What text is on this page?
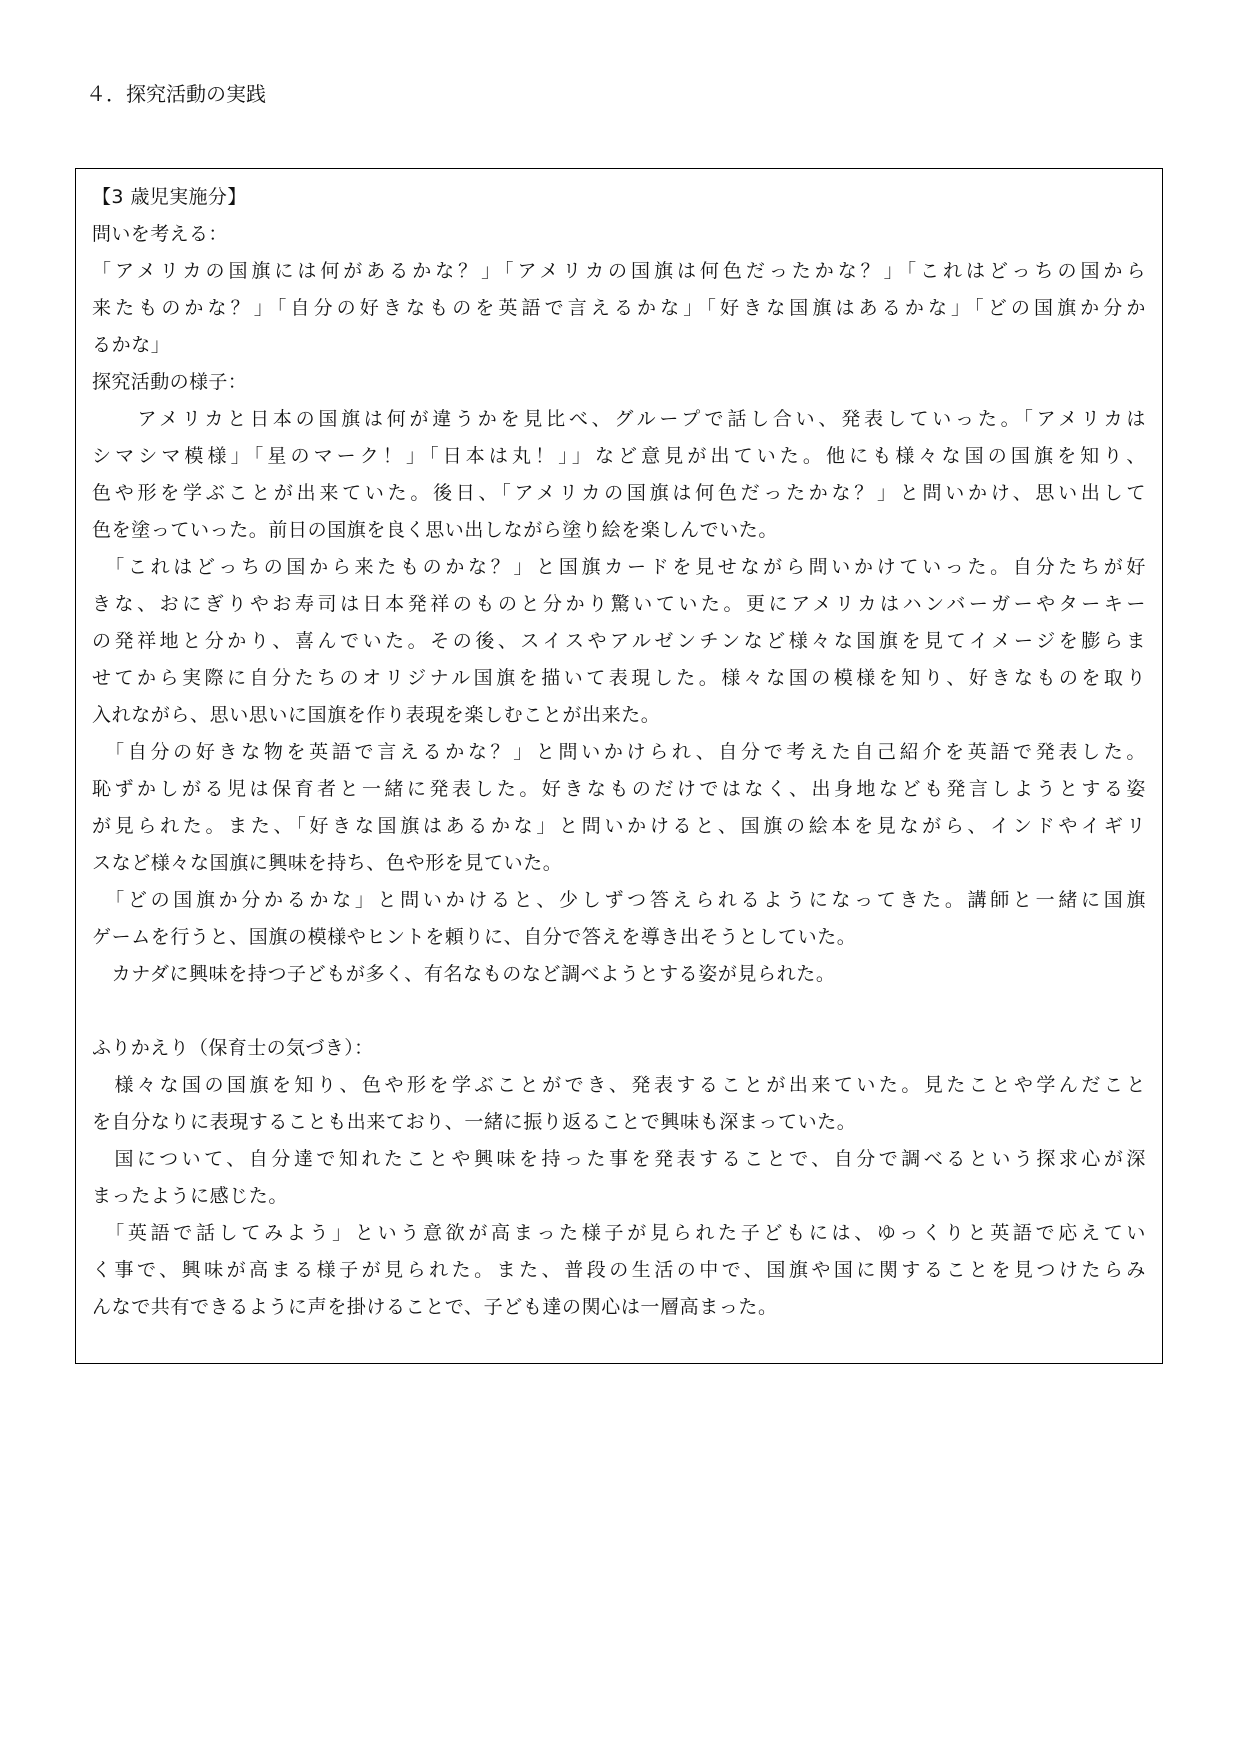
４．探究活動の実践
【3 歳児実施分】
問いを考える：
「アメリカの国旗には何があるかな？」「アメリカの国旗は何色だったかな？」「これはどっちの国から
来たものかな？」「自分の好きなものを英語で言えるかな」「好きな国旗はあるかな」「どの国旗か分か
るかな」
探究活動の様子：
　　アメリカと日本の国旗は何が違うかを見比べ、グループで話し合い、発表していった。「アメリカは
シマシマ模様」「星のマーク！」「日本は丸！」」など意見が出ていた。他にも様々な国の国旗を知り、
色や形を学ぶことが出来ていた。後日、「アメリカの国旗は何色だったかな？」と問いかけ、思い出して
色を塗っていった。前日の国旗を良く思い出しながら塗り絵を楽しんでいた。
　「これはどっちの国から来たものかな？」と国旗カードを見せながら問いかけていった。自分たちが好
きな、おにぎりやお寿司は日本発祥のものと分かり驚いていた。更にアメリカはハンバーガーやターキー
の発祥地と分かり、喜んでいた。その後、スイスやアルゼンチンなど様々な国旗を見てイメージを膨らま
せてから実際に自分たちのオリジナル国旗を描いて表現した。様々な国の模様を知り、好きなものを取り
入れながら、思い思いに国旗を作り表現を楽しむことが出来た。
　「自分の好きな物を英語で言えるかな？」と問いかけられ、自分で考えた自己紹介を英語で発表した。
恥ずかしがる児は保育者と一緒に発表した。好きなものだけではなく、出身地なども発言しようとする姿
が見られた。また、「好きな国旗はあるかな」と問いかけると、国旗の絵本を見ながら、インドやイギリ
スなど様々な国旗に興味を持ち、色や形を見ていた。
　「どの国旗か分かるかな」と問いかけると、少しずつ答えられるようになってきた。講師と一緒に国旗
ゲームを行うと、国旗の模様やヒントを頼りに、自分で答えを導き出そうとしていた。
　カナダに興味を持つ子どもが多く、有名なものなど調べようとする姿が見られた。
ふりかえり（保育士の気づき）：
　様々な国の国旗を知り、色や形を学ぶことができ、発表することが出来ていた。見たことや学んだこと
を自分なりに表現することも出来ており、一緒に振り返ることで興味も深まっていた。
　国について、自分達で知れたことや興味を持った事を発表することで、自分で調べるという探求心が深
まったように感じた。
　「英語で話してみよう」という意欲が高まった様子が見られた子どもには、ゆっくりと英語で応えてい
く事で、興味が高まる様子が見られた。また、普段の生活の中で、国旗や国に関することを見つけたらみ
んなで共有できるように声を掛けることで、子ども達の関心は一層高まった。
